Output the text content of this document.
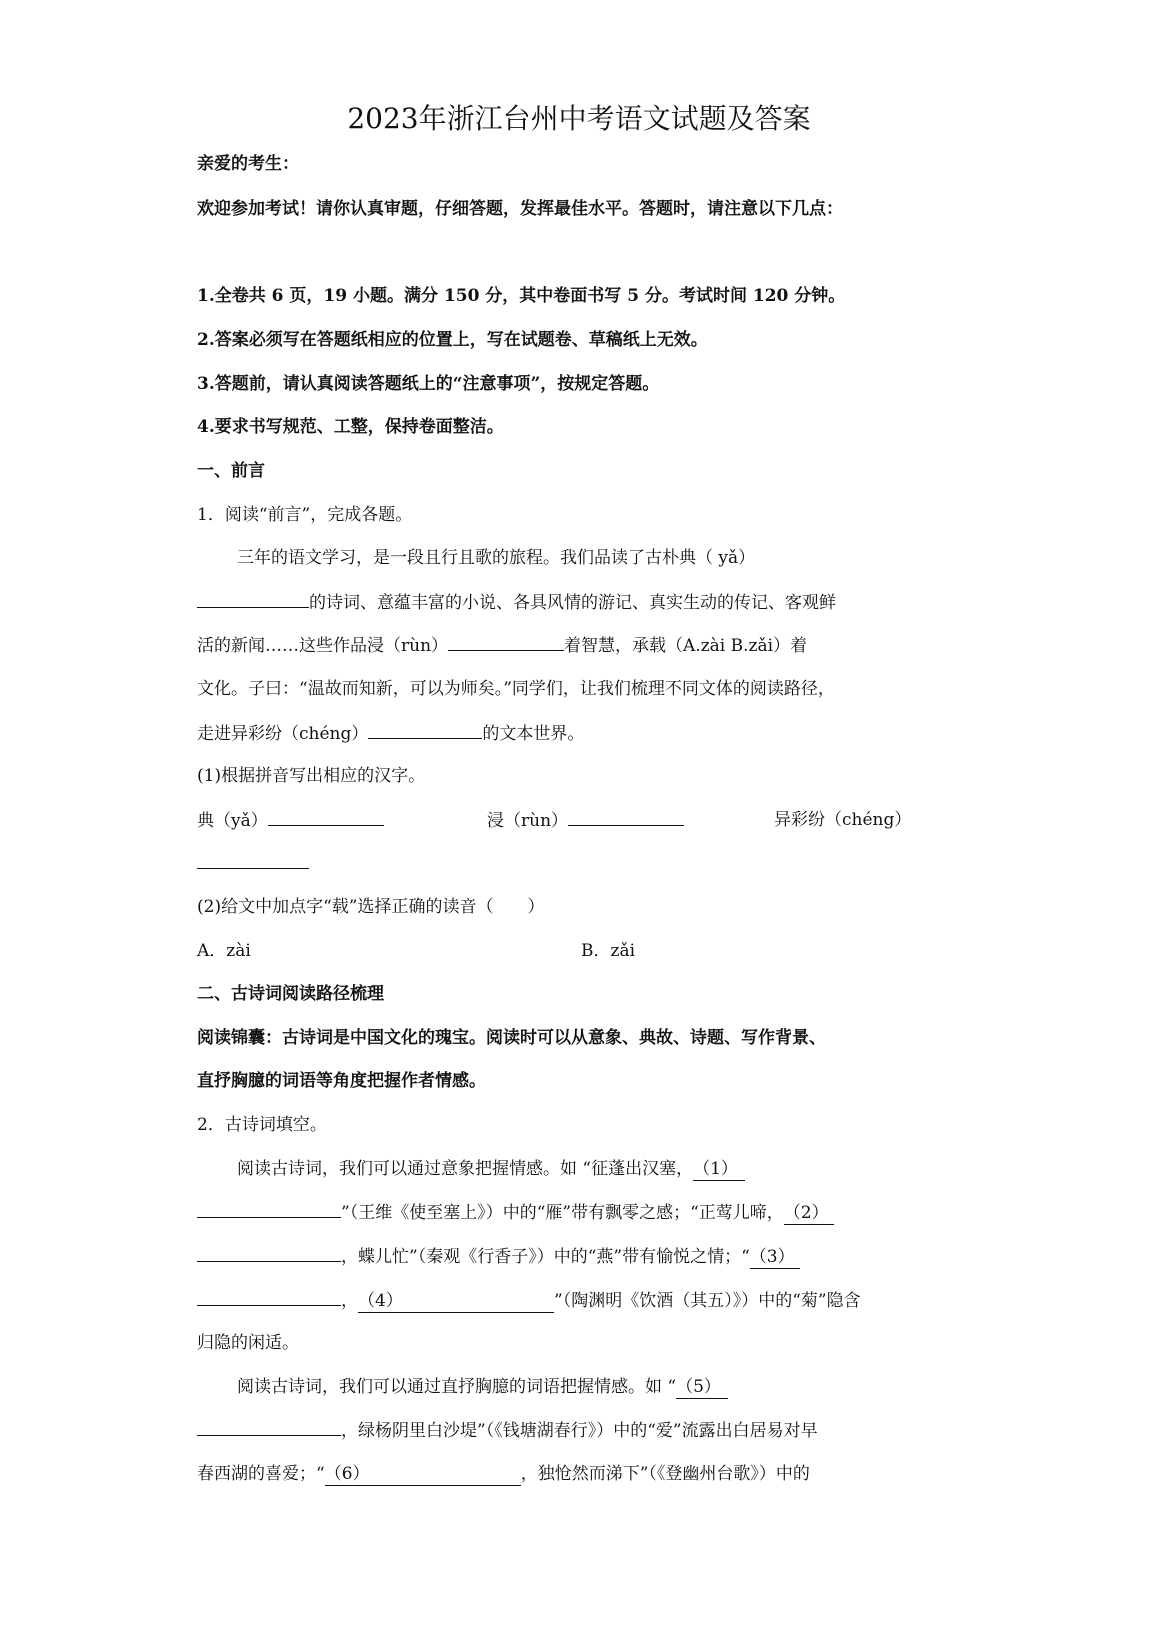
2023年浙江台州中考语文试题及答案
亲爱的考生：
欢迎参加考试！请你认真审题，仔细答题，发挥最佳水平。答题时，请注意以下几点：
1.全卷共 6 页，19 小题。满分 150 分，其中卷面书写 5 分。考试时间 120 分钟。
2.答案必须写在答题纸相应的位置上，写在试题卷、草稿纸上无效。
3.答题前，请认真阅读答题纸上的“注意事项”，按规定答题。
4.要求书写规范、工整，保持卷面整洁。
一、前言
1．阅读“前言”，完成各题。
三年的语文学习，是一段且行且歌的旅程。我们品读了古朴典（ yǎ）
的诗词、意蕴丰富的小说、各具风情的游记、真实生动的传记、客观鲜
活的新闻……这些作品浸（rùn）	着智慧，承载（A.zài B.zǎi）着
文化。子曰：“温故而知新，可以为师矣。”同学们，让我们梳理不同文体的阅读路径，
走进异彩纷（chéng）	的文本世界。
(1)根据拼音写出相应的汉字。
典（yǎ）	浸（rùn）	异彩纷（chéng）
(2)给文中加点字“载”选择正确的读音（　　）
A．zài	B．zǎi
二、古诗词阅读路径梳理
阅读锦囊：古诗词是中国文化的瑰宝。阅读时可以从意象、典故、诗题、写作背景、
直抒胸臆的词语等角度把握作者情感。
2．古诗词填空。
阅读古诗词，我们可以通过意象把握情感。如 “征蓬出汉塞，（1）
”（王维《使至塞上》）中的“雁”带有飘零之感；“正莺儿啼，（2）
，蝶儿忙”（秦观《行香子》）中的“燕”带有愉悦之情；“（3）
，（4）	”（陶渊明《饮酒（其五）》）中的“菊”隐含
归隐的闲适。
阅读古诗词，我们可以通过直抒胸臆的词语把握情感。如 “（5）
，绿杨阴里白沙堤”（《钱塘湖春行》）中的“爱”流露出白居易对早
春西湖的喜爱；“（6）	，独怆然而涕下”（《登幽州台歌》）中的
